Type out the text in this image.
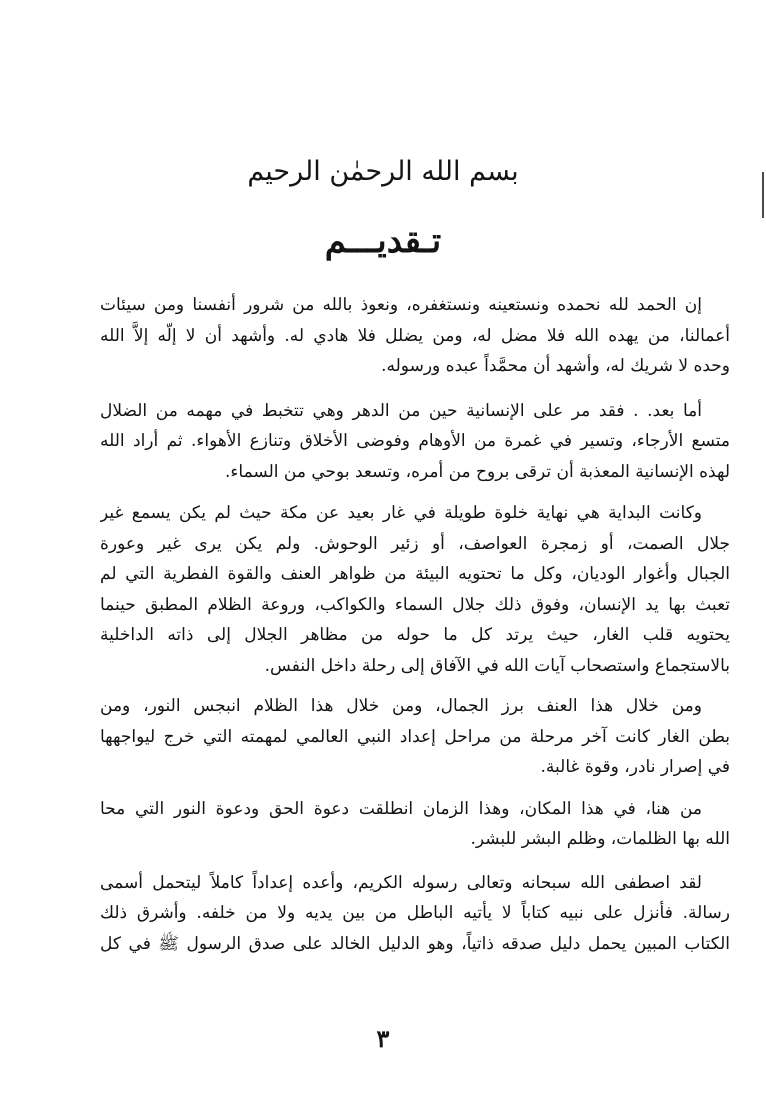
بسم الله الرحمٰن الرحيم
تـقديـــم

إن الحمد لله نحمده ونستعينه ونستغفره، ونعوذ بالله من شرور أنفسنا ومن سيئات
أعمالنا، من يهده الله فلا مضل له، ومن يضلل فلا هادي له. وأشهد أن لا إلّه إلاَّ الله
وحده لا شريك له، وأشهد أن محمَّداً عبده ورسوله.

أما بعد. . فقد مر على الإنسانية حين من الدهر وهي تتخبط في مهمه من الضلال
متسع الأرجاء، وتسير في غمرة من الأوهام وفوضى الأخلاق وتنازع الأهواء. ثم أراد الله
لهذه الإنسانية المعذبة أن ترقى بروح من أمره، وتسعد بوحي من السماء.

وكانت البداية هي نهاية خلوة طويلة في غار بعيد عن مكة حيث لم يكن يسمع غير
جلال الصمت، أو زمجرة العواصف، أو زئير الوحوش. ولم يكن يرى غير وعورة
الجبال وأغوار الوديان، وكل ما تحتويه البيئة من ظواهر العنف والقوة الفطرية التي لم
تعبث بها يد الإنسان، وفوق ذلك جلال السماء والكواكب، وروعة الظلام المطبق حينما
يحتويه قلب الغار، حيث يرتد كل ما حوله من مظاهر الجلال إلى ذاته الداخلية
بالاستجماع واستصحاب آيات الله في الآفاق إلى رحلة داخل النفس.

ومن خلال هذا العنف برز الجمال، ومن خلال هذا الظلام انبجس النور، ومن
بطن الغار كانت آخر مرحلة من مراحل إعداد النبي العالمي لمهمته التي خرج ليواجهها
في إصرار نادر، وقوة غالبة.

من هنا، في هذا المكان، وهذا الزمان انطلقت دعوة الحق ودعوة النور التي محا
الله بها الظلمات، وظلم البشر للبشر.

لقد اصطفى الله سبحانه وتعالى رسوله الكريم، وأعده إعداداً كاملاً ليتحمل أسمى
رسالة. فأنزل على نبيه كتاباً لا يأتيه الباطل من بين يديه ولا من خلفه. وأشرق ذلك
الكتاب المبين يحمل دليل صدقه ذاتياً، وهو الدليل الخالد على صدق الرسول ﷺ في كل

٣
